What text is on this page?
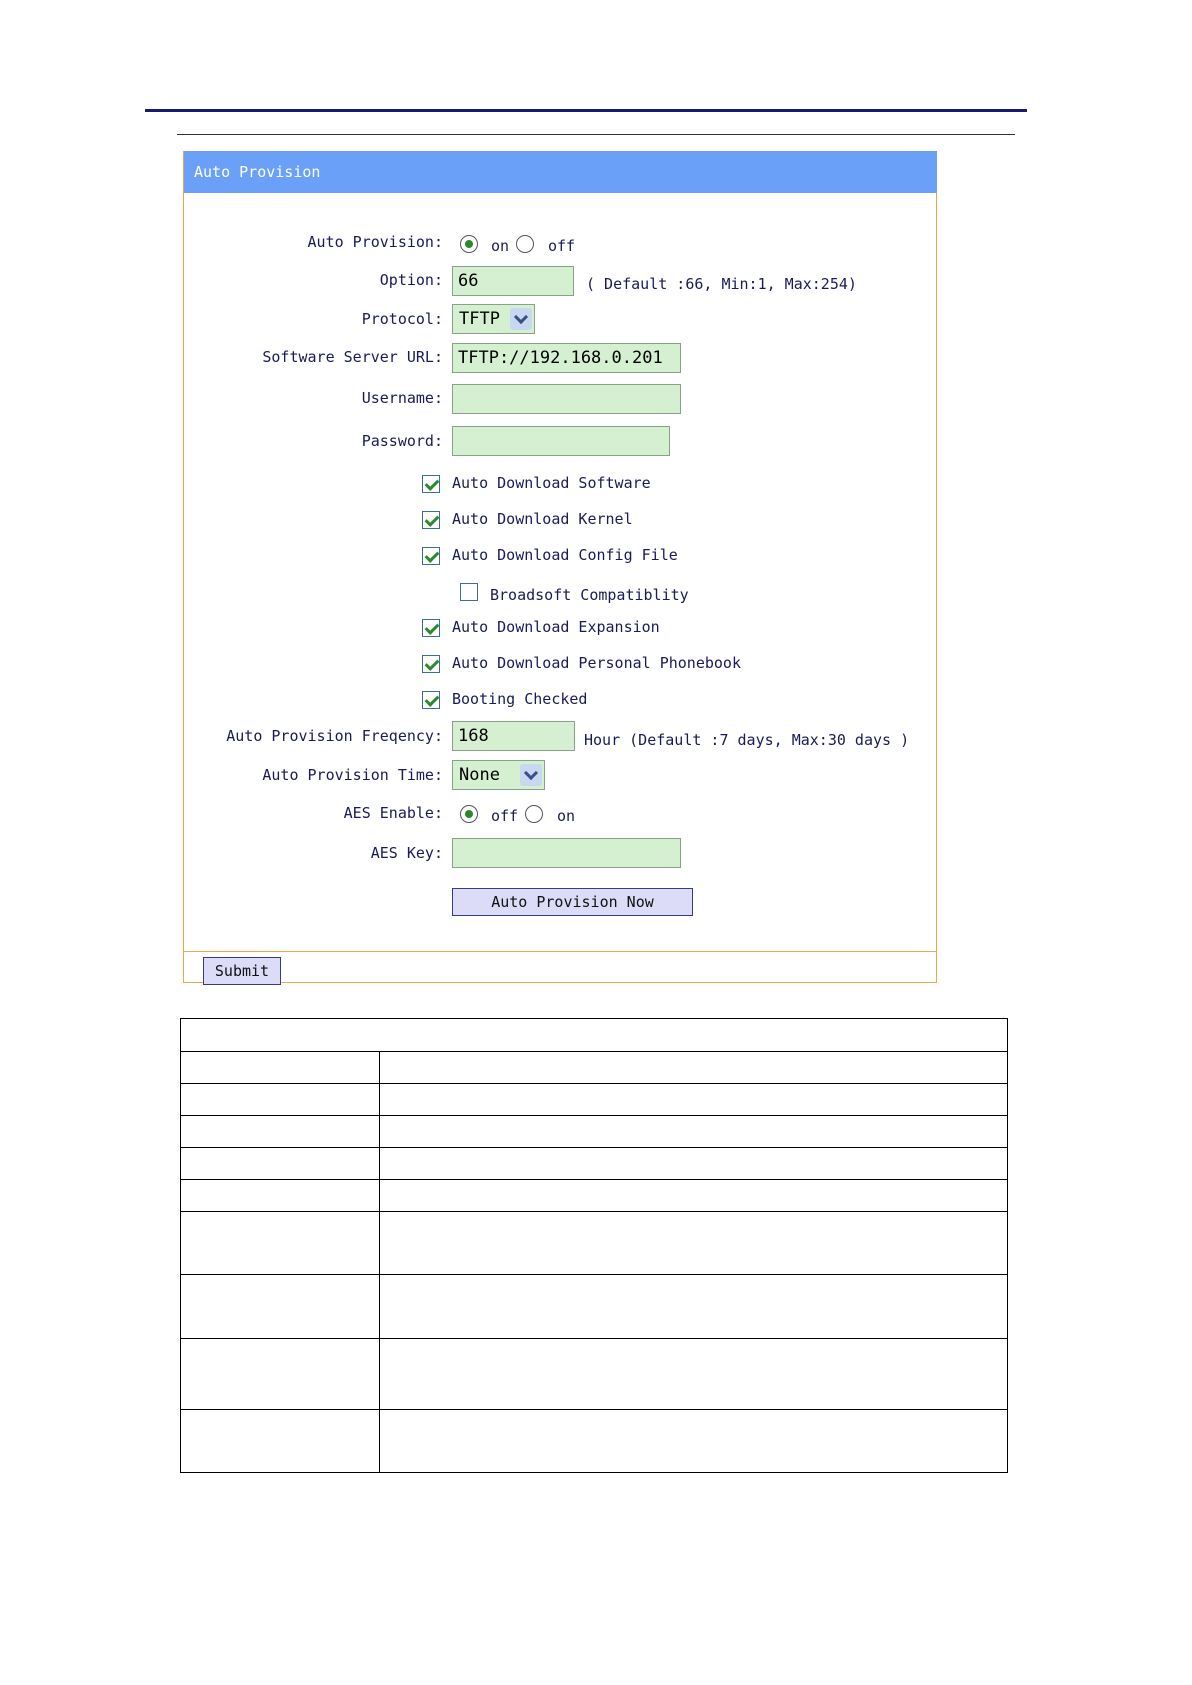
Auto Provision
Auto Provision:	on	off
Option: 66	( Default :66, Min:1, Max:254)
Protocol: TFTP
Software Server URL: TFTP://192.168.0.201
Username:
Password:
Auto Download Software
Auto Download Kernel
Auto Download Config File
Broadsoft Compatiblity
Auto Download Expansion
Auto Download Personal Phonebook
Booting Checked
Auto Provision Freqency: 168	Hour (Default :7 days, Max:30 days )
Auto Provision Time: None
AES Enable:	off	on
AES Key:
Auto Provision Now
Submit
